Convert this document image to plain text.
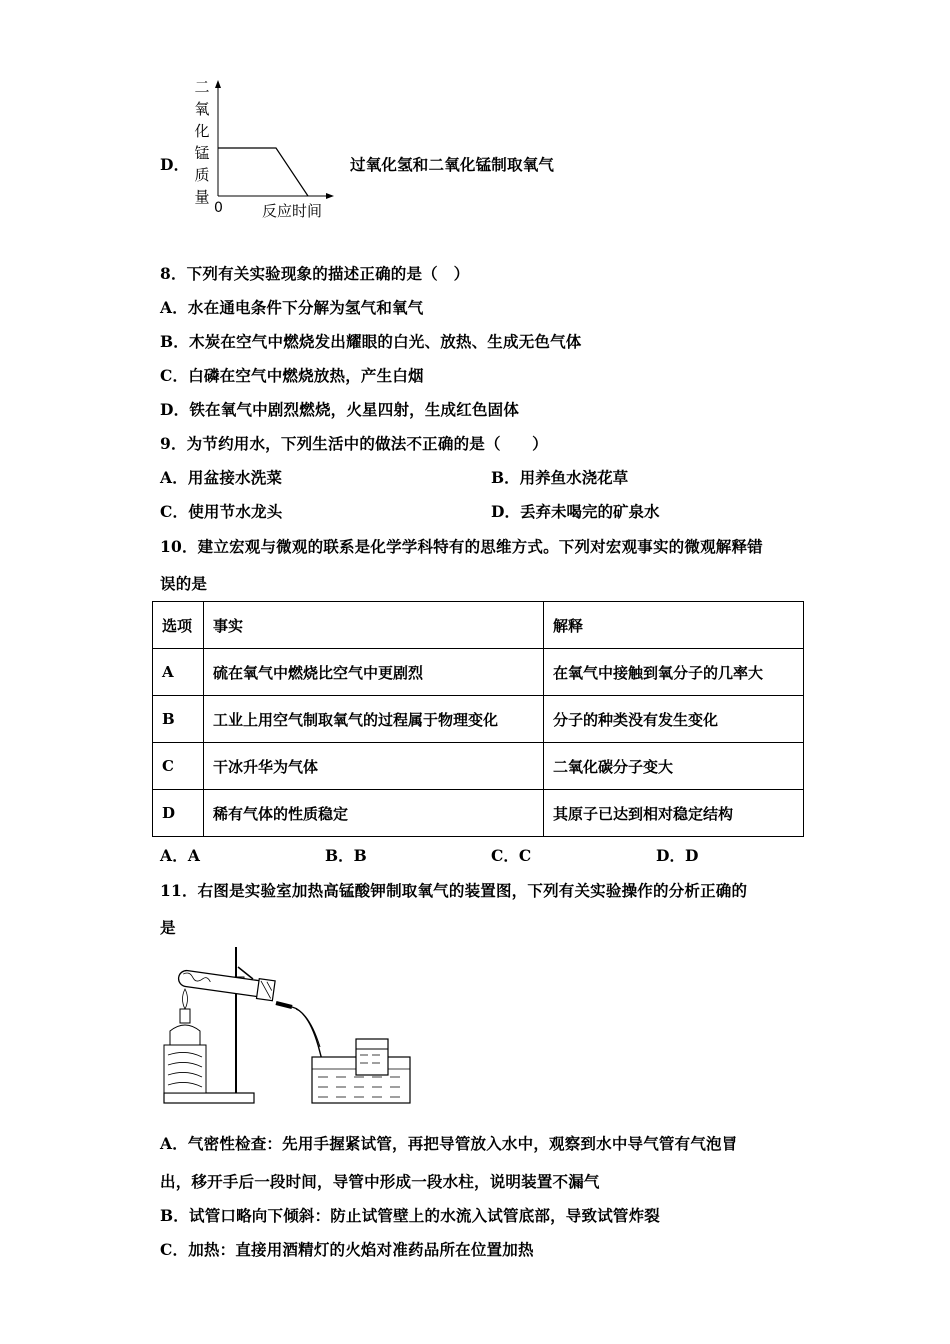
D．
二
氧
化
锰
质
量
0	反应时间
过氧化氢和二氧化锰制取氧气
8．下列有关实验现象的描述正确的是（　）
A．水在通电条件下分解为氢气和氧气
B．木炭在空气中燃烧发出耀眼的白光、放热、生成无色气体
C．白磷在空气中燃烧放热，产生白烟
D．铁在氧气中剧烈燃烧，火星四射，生成红色固体
9．为节约用水，下列生活中的做法不正确的是（　　）
A．用盆接水洗菜	B．用养鱼水浇花草
C．使用节水龙头	D．丢弃未喝完的矿泉水
10．建立宏观与微观的联系是化学学科特有的思维方式。下列对宏观事实的微观解释错
误的是
选项	事实	解释
A	硫在氧气中燃烧比空气中更剧烈	在氧气中接触到氧分子的几率大
B	工业上用空气制取氧气的过程属于物理变化	分子的种类没有发生变化
C	干冰升华为气体	二氧化碳分子变大
D	稀有气体的性质稳定	其原子已达到相对稳定结构
A．A	B．B	C．C	D．D
11．右图是实验室加热高锰酸钾制取氧气的装置图，下列有关实验操作的分析正确的
是
A．气密性检查：先用手握紧试管，再把导管放入水中，观察到水中导气管有气泡冒
出，移开手后一段时间，导管中形成一段水柱，说明装置不漏气
B．试管口略向下倾斜：防止试管壁上的水流入试管底部，导致试管炸裂
C．加热：直接用酒精灯的火焰对准药品所在位置加热
